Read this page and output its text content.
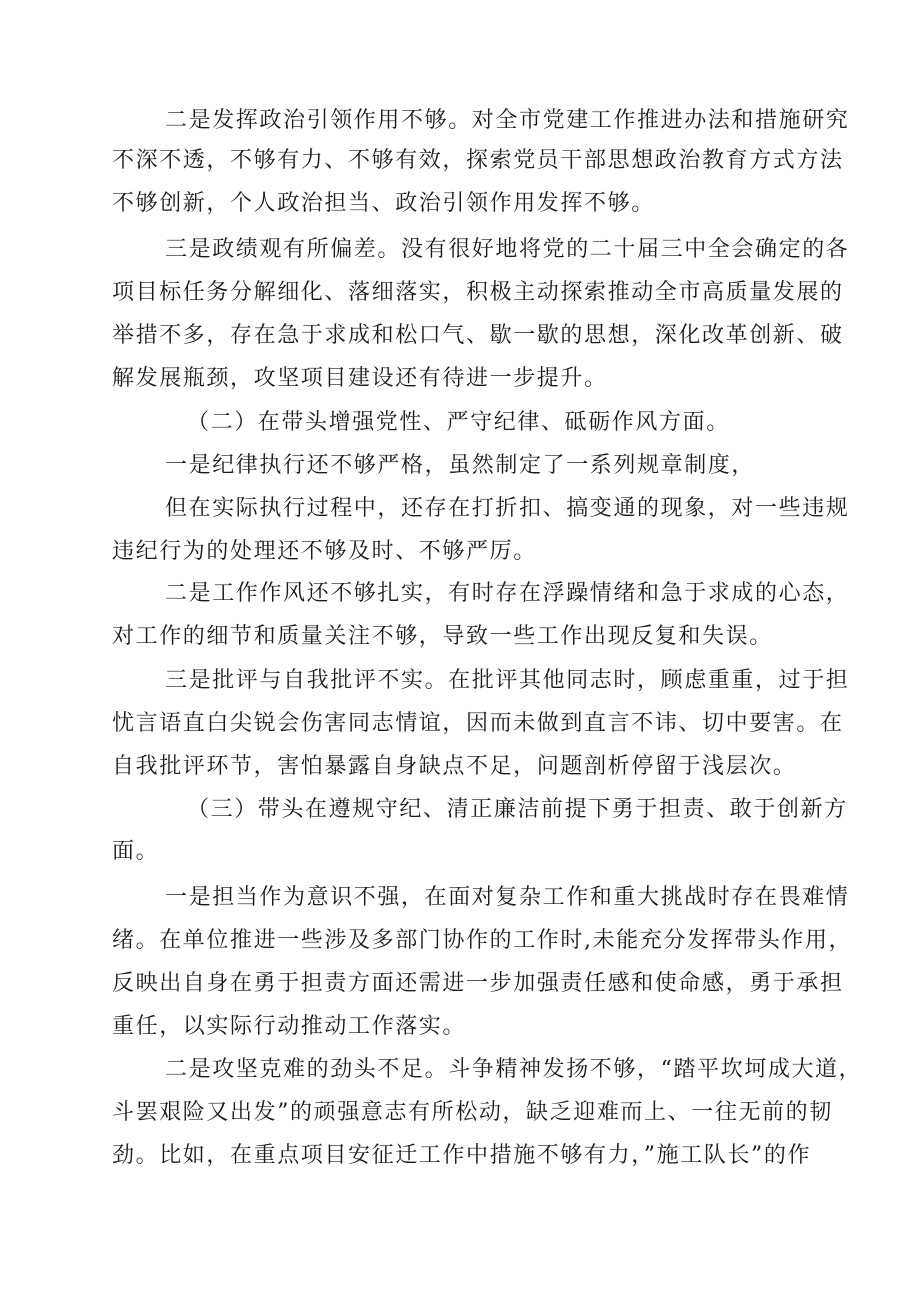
二是发挥政治引领作用不够。对全市党建工作推进办法和措施研究
不深不透，不够有力、不够有效，探索党员干部思想政治教育方式方法
不够创新，个人政治担当、政治引领作用发挥不够。
三是政绩观有所偏差。没有很好地将党的二十届三中全会确定的各
项目标任务分解细化、落细落实，积极主动探索推动全市高质量发展的
举措不多，存在急于求成和松口气、歇一歇的思想，深化改革创新、破
解发展瓶颈，攻坚项目建设还有待进一步提升。
（二）在带头增强党性、严守纪律、砥砺作风方面。
一是纪律执行还不够严格，虽然制定了一系列规章制度，
但在实际执行过程中，还存在打折扣、搞变通的现象，对一些违规
违纪行为的处理还不够及时、不够严厉。
二是工作作风还不够扎实，有时存在浮躁情绪和急于求成的心态，
对工作的细节和质量关注不够，导致一些工作出现反复和失误。
三是批评与自我批评不实。在批评其他同志时，顾虑重重，过于担
忧言语直白尖锐会伤害同志情谊，因而未做到直言不讳、切中要害。在
自我批评环节，害怕暴露自身缺点不足，问题剖析停留于浅层次。
（三）带头在遵规守纪、清正廉洁前提下勇于担责、敢于创新方
面。
一是担当作为意识不强，在面对复杂工作和重大挑战时存在畏难情
绪。在单位推进一些涉及多部门协作的工作时,未能充分发挥带头作用，
反映出自身在勇于担责方面还需进一步加强责任感和使命感，勇于承担
重任，以实际行动推动工作落实。
二是攻坚克难的劲头不足。斗争精神发扬不够，“踏平坎坷成大道，
斗罢艰险又出发”的顽强意志有所松动，缺乏迎难而上、一往无前的韧
劲。比如，在重点项目安征迁工作中措施不够有力，”施工队长”的作
